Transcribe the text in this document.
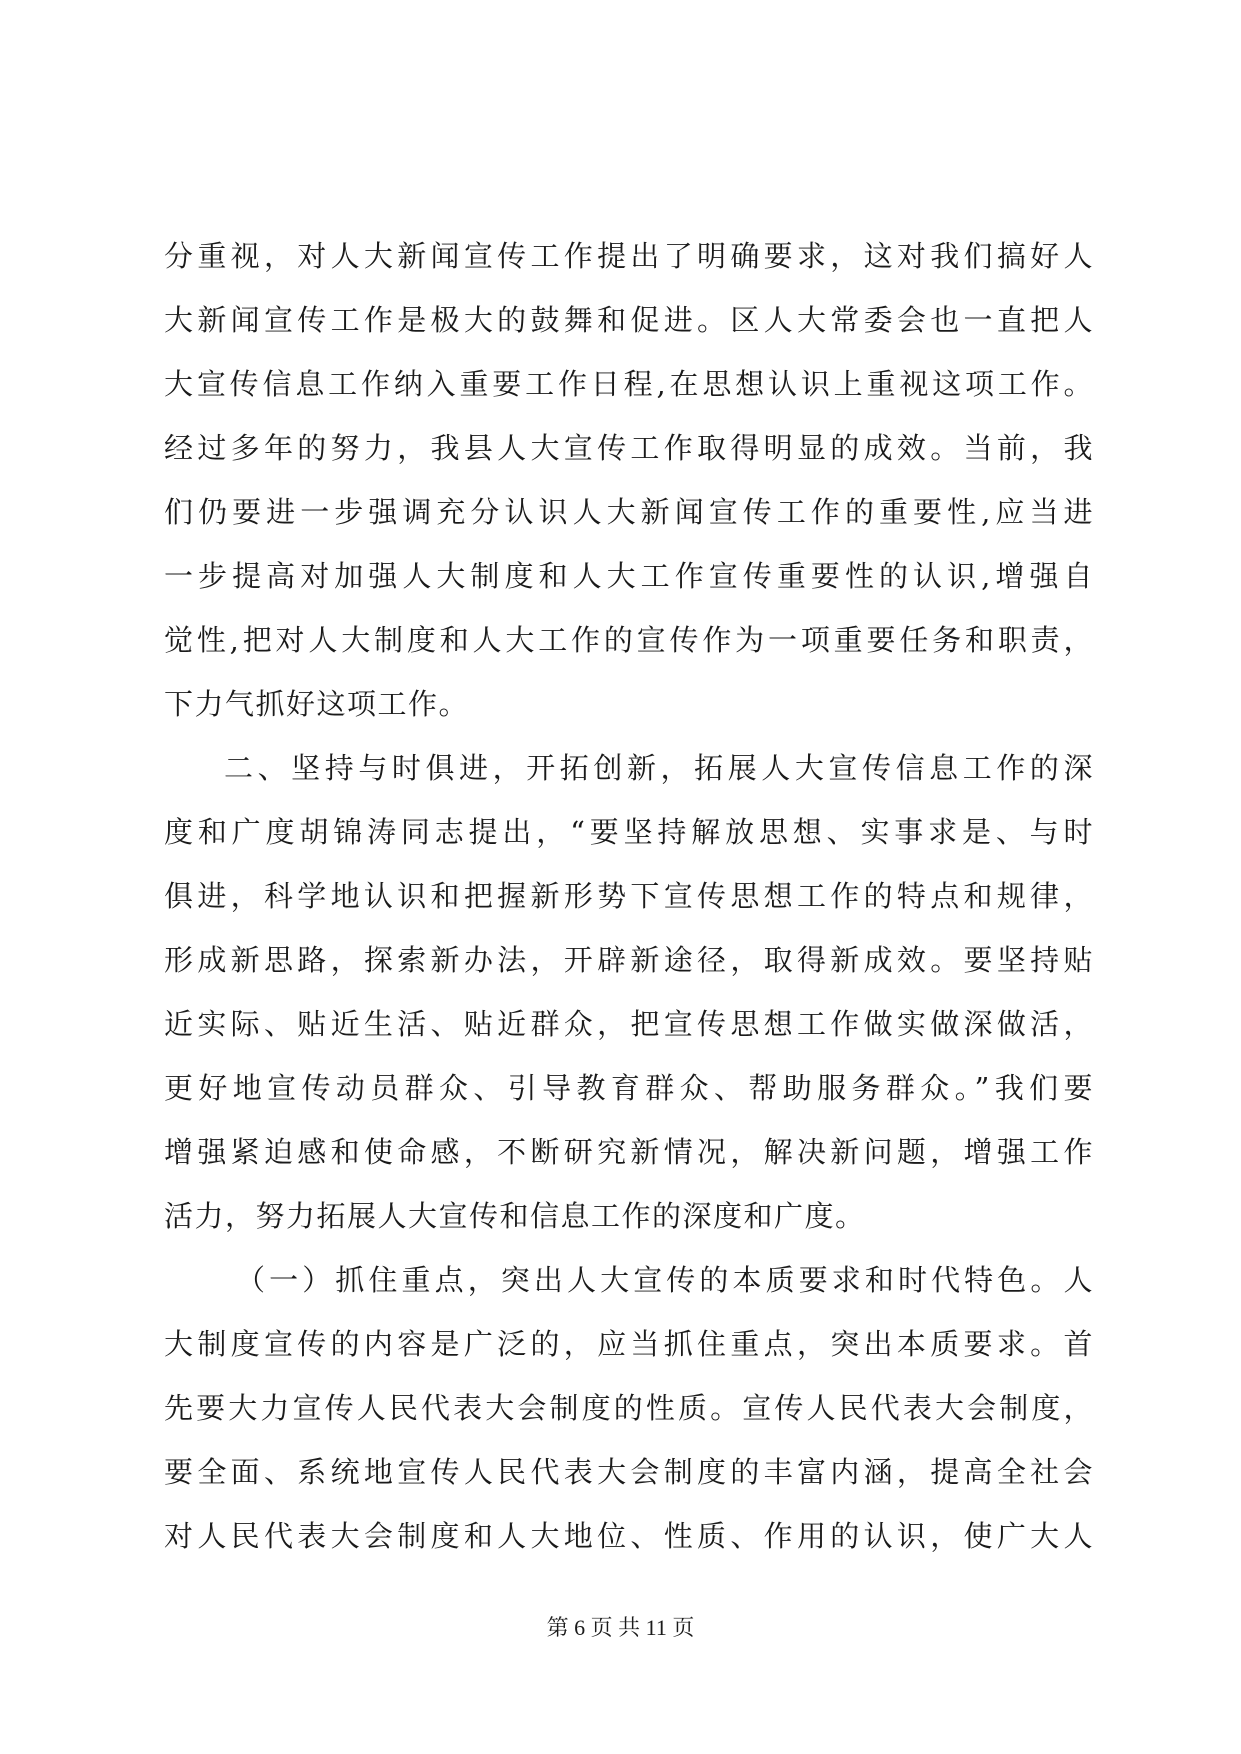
分重视，对人大新闻宣传工作提出了明确要求，这对我们搞好人
大新闻宣传工作是极大的鼓舞和促进。区人大常委会也一直把人
大宣传信息工作纳入重要工作日程,在思想认识上重视这项工作。
经过多年的努力，我县人大宣传工作取得明显的成效。当前，我
们仍要进一步强调充分认识人大新闻宣传工作的重要性,应当进
一步提高对加强人大制度和人大工作宣传重要性的认识,增强自
觉性,把对人大制度和人大工作的宣传作为一项重要任务和职责，
下力气抓好这项工作。
二、坚持与时俱进，开拓创新，拓展人大宣传信息工作的深
度和广度胡锦涛同志提出，“要坚持解放思想、实事求是、与时
俱进，科学地认识和把握新形势下宣传思想工作的特点和规律，
形成新思路，探索新办法，开辟新途径，取得新成效。要坚持贴
近实际、贴近生活、贴近群众，把宣传思想工作做实做深做活，
更好地宣传动员群众、引导教育群众、帮助服务群众。”我们要
增强紧迫感和使命感，不断研究新情况，解决新问题，增强工作
活力，努力拓展人大宣传和信息工作的深度和广度。
（一）抓住重点，突出人大宣传的本质要求和时代特色。人
大制度宣传的内容是广泛的，应当抓住重点，突出本质要求。首
先要大力宣传人民代表大会制度的性质。宣传人民代表大会制度，
要全面、系统地宣传人民代表大会制度的丰富内涵，提高全社会
对人民代表大会制度和人大地位、性质、作用的认识，使广大人
第 6 页 共 11 页
